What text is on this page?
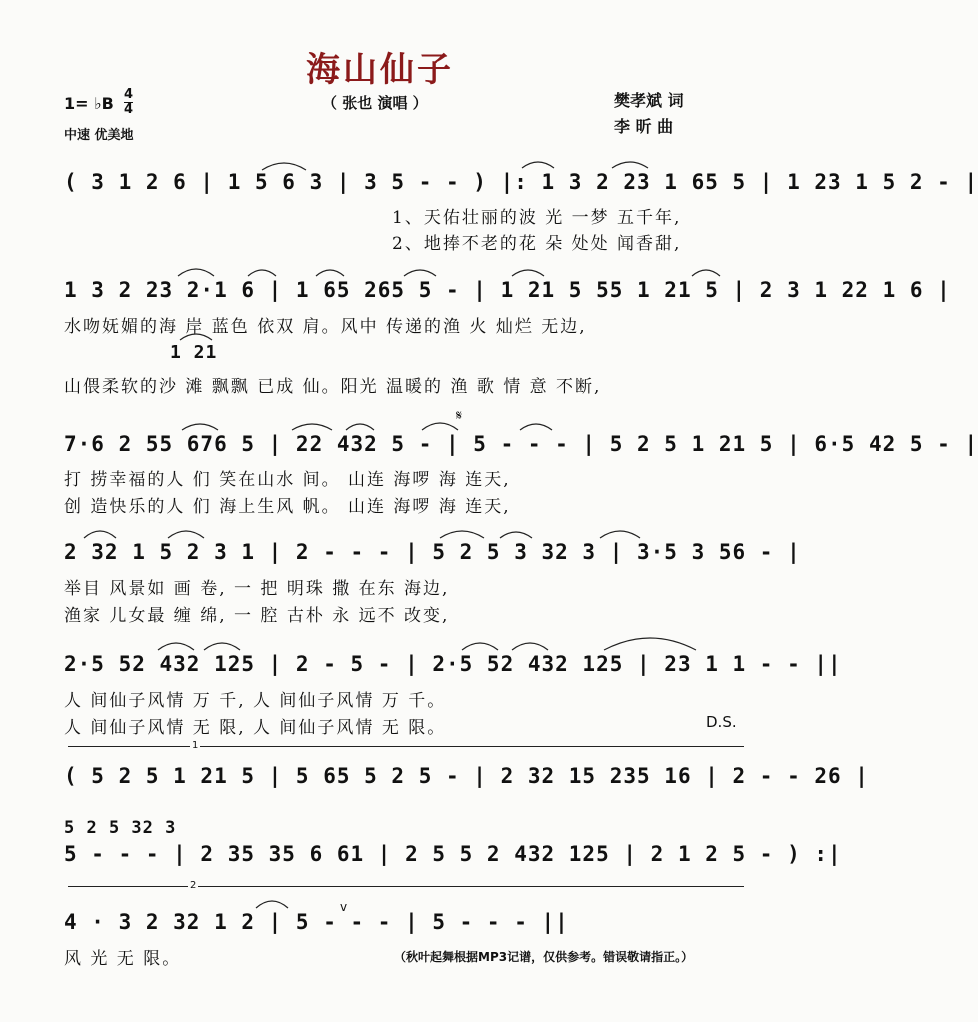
海山仙子
（ 张也 演唱 ）
1= ♭B 4
4
中速 优美地
樊孝斌 词
李 昕 曲
( 3 1 2 6 | 1 5 6 3 | 3 5 - - ) |: 1 3 2 23 1 65 5 | 1 23 1 5 2 - |
1、天佑壮丽的波 光 一梦 五千年,
2、地捧不老的花 朵 处处 闻香甜,
1 3 2 23 2·1 6 | 1 65 265 5 - | 1 21 5 55 1 21 5 | 2 3 1 22 1 6 |
水吻妩媚的海 岸 蓝色 依双 肩。风中 传递的渔 火 灿烂 无边,
1 21
山偎柔软的沙 滩 飘飘 已成 仙。阳光 温暖的 渔 歌 情 意 不断,
𝄋
7·6 2 55 676 5 | 22 432 5 - | 5 - - - | 5 2 5 1 21 5 | 6·5 42 5 - |
打 捞幸福的人 们 笑在山水 间。 山连 海啰 海 连天,
创 造快乐的人 们 海上生风 帆。 山连 海啰 海 连天,
2 32 1 5 2 3 1 | 2 - - - | 5 2 5 3 32 3 | 3·5 3 56 - |
举目 风景如 画 卷, 一 把 明珠 撒 在东 海边,
渔家 儿女最 缠 绵, 一 腔 古朴 永 远不 改变,
2·5 52 432 125 | 2 - 5 - | 2·5 52 432 125 | 23 1 1 - - ||
人 间仙子风情 万 千, 人 间仙子风情 万 千。
人 间仙子风情 无 限, 人 间仙子风情 无 限。	D.S.
1
( 5 2 5 1 21 5 | 5 65 5 2 5 - | 2 32 15 235 16 | 2 - - 26 |
5 2 5 32 3
5 - - - | 2 35 35 6 61 | 2 5 5 2 432 125 | 2 1 2 5 - ) :|
2
v
4 · 3 2 32 1 2 | 5 - - - | 5 - - - ||
风 光 无 限。	（秋叶起舞根据MP3记谱，仅供参考。错误敬请指正。）
